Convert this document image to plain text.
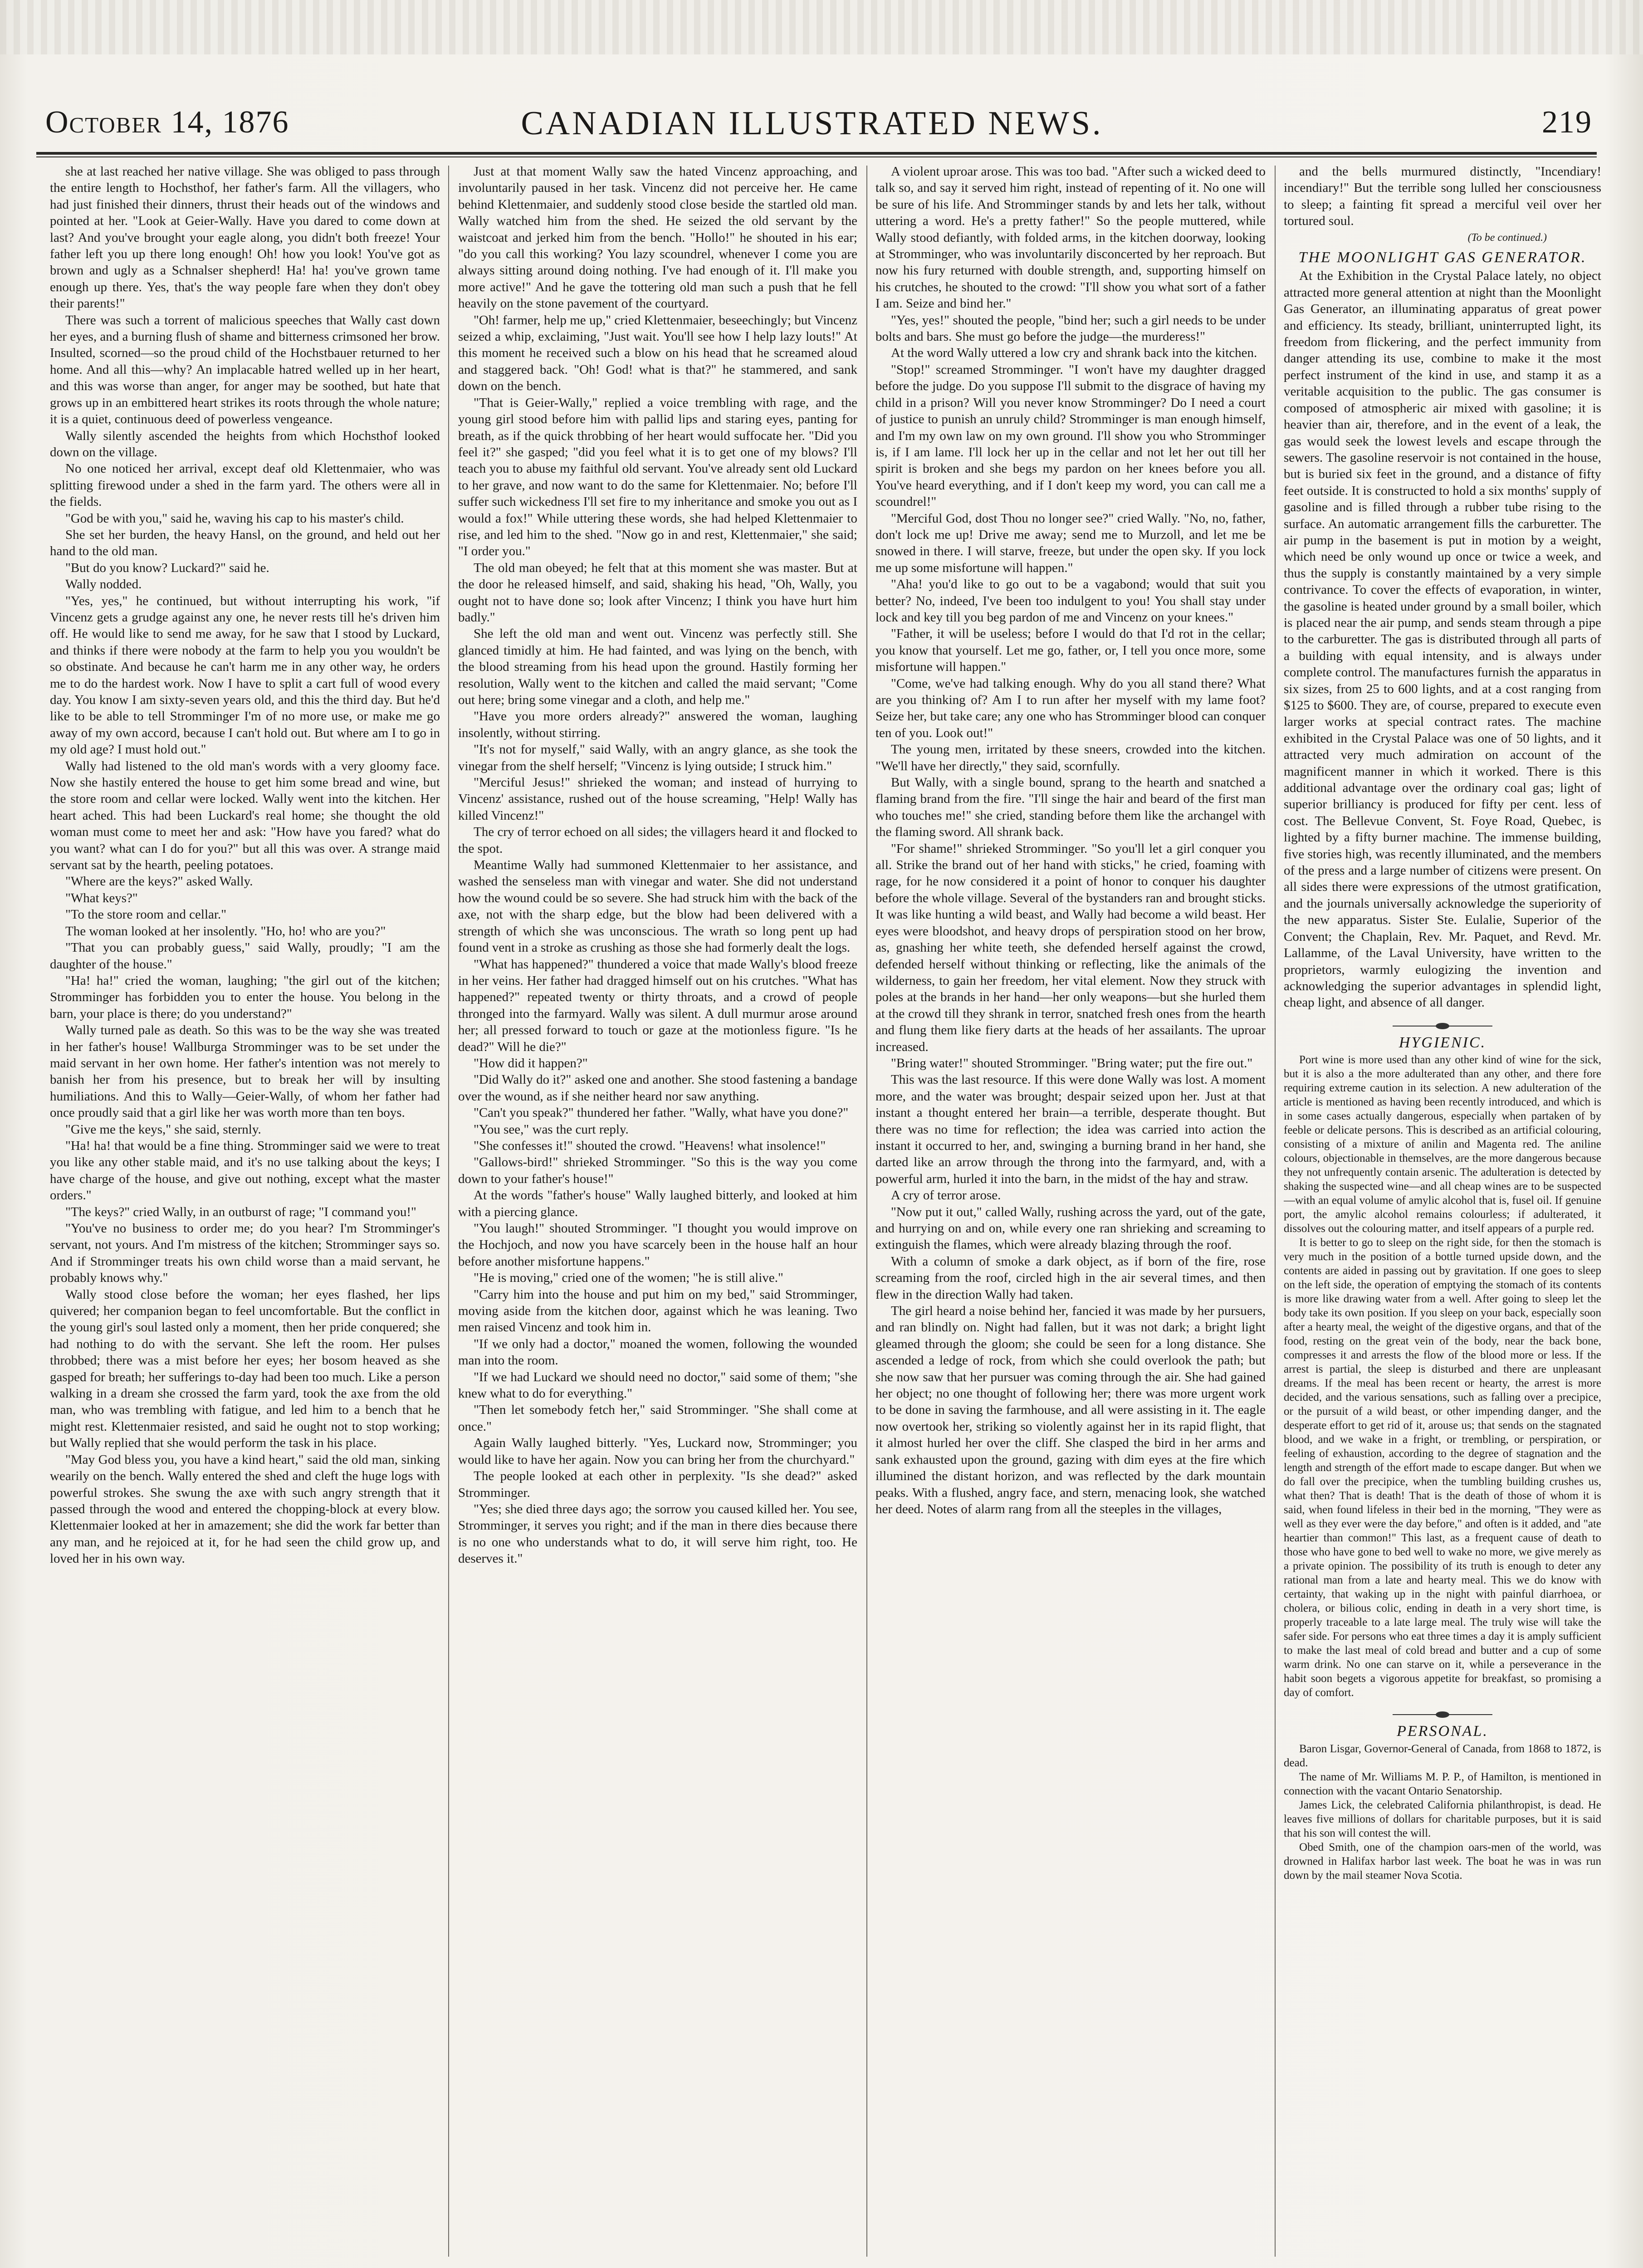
October 14, 1876	CANADIAN ILLUSTRATED NEWS.	219

she at last reached her native village. She was obliged to pass through the entire length to Hochsthof, her father's farm. All the villagers, who had just finished their dinners, thrust their heads out of the windows and pointed at her. "Look at Geier-Wally. Have you dared to come down at last? And you've brought your eagle along, you didn't both freeze! Your father left you up there long enough! Oh! how you look! You've got as brown and ugly as a Schnalser shepherd! Ha! ha! you've grown tame enough up there. Yes, that's the way people fare when they don't obey their parents!"

There was such a torrent of malicious speeches that Wally cast down her eyes, and a burning flush of shame and bitterness crimsoned her brow. Insulted, scorned—so the proud child of the Hochstbauer returned to her home. And all this—why? An implacable hatred welled up in her heart, and this was worse than anger, for anger may be soothed, but hate that grows up in an embittered heart strikes its roots through the whole nature; it is a quiet, continuous deed of powerless vengeance.

Wally silently ascended the heights from which Hochsthof looked down on the village.

No one noticed her arrival, except deaf old Klettenmaier, who was splitting firewood under a shed in the farm yard. The others were all in the fields.

"God be with you," said he, waving his cap to his master's child.

She set her burden, the heavy Hansl, on the ground, and held out her hand to the old man.

"But do you know? Luckard?" said he.

Wally nodded.

"Yes, yes," he continued, but without interrupting his work, "if Vincenz gets a grudge against any one, he never rests till he's driven him off. He would like to send me away, for he saw that I stood by Luckard, and thinks if there were nobody at the farm to help you you wouldn't be so obstinate. And because he can't harm me in any other way, he orders me to do the hardest work. Now I have to split a cart full of wood every day. You know I am sixty-seven years old, and this the third day. But he'd like to be able to tell Stromminger I'm of no more use, or make me go away of my own accord, because I can't hold out. But where am I to go in my old age? I must hold out."

Wally had listened to the old man's words with a very gloomy face. Now she hastily entered the house to get him some bread and wine, but the store room and cellar were locked. Wally went into the kitchen. Her heart ached. This had been Luckard's real home; she thought the old woman must come to meet her and ask: "How have you fared? what do you want? what can I do for you?" but all this was over. A strange maid servant sat by the hearth, peeling potatoes.

"Where are the keys?" asked Wally.

"What keys?"

"To the store room and cellar."

The woman looked at her insolently. "Ho, ho! who are you?"

"That you can probably guess," said Wally, proudly; "I am the daughter of the house."

"Ha! ha!" cried the woman, laughing; "the girl out of the kitchen; Stromminger has forbidden you to enter the house. You belong in the barn, your place is there; do you understand?"

Wally turned pale as death. So this was to be the way she was treated in her father's house! Wallburga Stromminger was to be set under the maid servant in her own home. Her father's intention was not merely to banish her from his presence, but to break her will by insulting humiliations. And this to Wally—Geier-Wally, of whom her father had once proudly said that a girl like her was worth more than ten boys.

"Give me the keys," she said, sternly.

"Ha! ha! that would be a fine thing. Stromminger said we were to treat you like any other stable maid, and it's no use talking about the keys; I have charge of the house, and give out nothing, except what the master orders."

"The keys?" cried Wally, in an outburst of rage; "I command you!"

"You've no business to order me; do you hear? I'm Stromminger's servant, not yours. And I'm mistress of the kitchen; Stromminger says so. And if Stromminger treats his own child worse than a maid servant, he probably knows why."

Wally stood close before the woman; her eyes flashed, her lips quivered; her companion began to feel uncomfortable. But the conflict in the young girl's soul lasted only a moment, then her pride conquered; she had nothing to do with the servant. She left the room. Her pulses throbbed; there was a mist before her eyes; her bosom heaved as she gasped for breath; her sufferings to-day had been too much. Like a person walking in a dream she crossed the farm yard, took the axe from the old man, who was trembling with fatigue, and led him to a bench that he might rest. Klettenmaier resisted, and said he ought not to stop working; but Wally replied that she would perform the task in his place.

"May God bless you, you have a kind heart," said the old man, sinking wearily on the bench. Wally entered the shed and cleft the huge logs with powerful strokes. She swung the axe with such angry strength that it passed through the wood and entered the chopping-block at every blow. Klettenmaier looked at her in amazement; she did the work far better than any man, and he rejoiced at it, for he had seen the child grow up, and loved her in his own way.

Just at that moment Wally saw the hated Vincenz approaching, and involuntarily paused in her task. Vincenz did not perceive her. He came behind Klettenmaier, and suddenly stood close beside the startled old man. Wally watched him from the shed. He seized the old servant by the waistcoat and jerked him from the bench. "Hollo!" he shouted in his ear; "do you call this working? You lazy scoundrel, whenever I come you are always sitting around doing nothing. I've had enough of it. I'll make you more active!" And he gave the tottering old man such a push that he fell heavily on the stone pavement of the courtyard.

"Oh! farmer, help me up," cried Klettenmaier, beseechingly; but Vincenz seized a whip, exclaiming, "Just wait. You'll see how I help lazy louts!" At this moment he received such a blow on his head that he screamed aloud and staggered back. "Oh! God! what is that?" he stammered, and sank down on the bench.

"That is Geier-Wally," replied a voice trembling with rage, and the young girl stood before him with pallid lips and staring eyes, panting for breath, as if the quick throbbing of her heart would suffocate her. "Did you feel it?" she gasped; "did you feel what it is to get one of my blows? I'll teach you to abuse my faithful old servant. You've already sent old Luckard to her grave, and now want to do the same for Klettenmaier. No; before I'll suffer such wickedness I'll set fire to my inheritance and smoke you out as I would a fox!" While uttering these words, she had helped Klettenmaier to rise, and led him to the shed. "Now go in and rest, Klettenmaier," she said; "I order you."

The old man obeyed; he felt that at this moment she was master. But at the door he released himself, and said, shaking his head, "Oh, Wally, you ought not to have done so; look after Vincenz; I think you have hurt him badly."

She left the old man and went out. Vincenz was perfectly still. She glanced timidly at him. He had fainted, and was lying on the bench, with the blood streaming from his head upon the ground. Hastily forming her resolution, Wally went to the kitchen and called the maid servant; "Come out here; bring some vinegar and a cloth, and help me."

"Have you more orders already?" answered the woman, laughing insolently, without stirring.

"It's not for myself," said Wally, with an angry glance, as she took the vinegar from the shelf herself; "Vincenz is lying outside; I struck him."

"Merciful Jesus!" shrieked the woman; and instead of hurrying to Vincenz' assistance, rushed out of the house screaming, "Help! Wally has killed Vincenz!"

The cry of terror echoed on all sides; the villagers heard it and flocked to the spot.

Meantime Wally had summoned Klettenmaier to her assistance, and washed the senseless man with vinegar and water. She did not understand how the wound could be so severe. She had struck him with the back of the axe, not with the sharp edge, but the blow had been delivered with a strength of which she was unconscious. The wrath so long pent up had found vent in a stroke as crushing as those she had formerly dealt the logs.

"What has happened?" thundered a voice that made Wally's blood freeze in her veins. Her father had dragged himself out on his crutches. "What has happened?" repeated twenty or thirty throats, and a crowd of people thronged into the farmyard. Wally was silent. A dull murmur arose around her; all pressed forward to touch or gaze at the motionless figure. "Is he dead?" Will he die?"

"How did it happen?"

"Did Wally do it?" asked one and another. She stood fastening a bandage over the wound, as if she neither heard nor saw anything.

"Can't you speak?" thundered her father. "Wally, what have you done?"

"You see," was the curt reply.

"She confesses it!" shouted the crowd. "Heavens! what insolence!"

"Gallows-bird!" shrieked Stromminger. "So this is the way you come down to your father's house!"

At the words "father's house" Wally laughed bitterly, and looked at him with a piercing glance.

"You laugh!" shouted Stromminger. "I thought you would improve on the Hochjoch, and now you have scarcely been in the house half an hour before another misfortune happens."

"He is moving," cried one of the women; "he is still alive."

"Carry him into the house and put him on my bed," said Stromminger, moving aside from the kitchen door, against which he was leaning. Two men raised Vincenz and took him in.

"If we only had a doctor," moaned the women, following the wounded man into the room.

"If we had Luckard we should need no doctor," said some of them; "she knew what to do for everything."

"Then let somebody fetch her," said Stromminger. "She shall come at once."

Again Wally laughed bitterly. "Yes, Luckard now, Stromminger; you would like to have her again. Now you can bring her from the churchyard."

The people looked at each other in perplexity. "Is she dead?" asked Stromminger.

"Yes; she died three days ago; the sorrow you caused killed her. You see, Stromminger, it serves you right; and if the man in there dies because there is no one who understands what to do, it will serve him right, too. He deserves it."

A violent uproar arose. This was too bad. "After such a wicked deed to talk so, and say it served him right, instead of repenting of it. No one will be sure of his life. And Stromminger stands by and lets her talk, without uttering a word. He's a pretty father!" So the people muttered, while Wally stood defiantly, with folded arms, in the kitchen doorway, looking at Stromminger, who was involuntarily disconcerted by her reproach. But now his fury returned with double strength, and, supporting himself on his crutches, he shouted to the crowd: "I'll show you what sort of a father I am. Seize and bind her."

"Yes, yes!" shouted the people, "bind her; such a girl needs to be under bolts and bars. She must go before the judge—the murderess!"

At the word Wally uttered a low cry and shrank back into the kitchen.

"Stop!" screamed Stromminger. "I won't have my daughter dragged before the judge. Do you suppose I'll submit to the disgrace of having my child in a prison? Will you never know Stromminger? Do I need a court of justice to punish an unruly child? Stromminger is man enough himself, and I'm my own law on my own ground. I'll show you who Stromminger is, if I am lame. I'll lock her up in the cellar and not let her out till her spirit is broken and she begs my pardon on her knees before you all. You've heard everything, and if I don't keep my word, you can call me a scoundrel!"

"Merciful God, dost Thou no longer see?" cried Wally. "No, no, father, don't lock me up! Drive me away; send me to Murzoll, and let me be snowed in there. I will starve, freeze, but under the open sky. If you lock me up some misfortune will happen."

"Aha! you'd like to go out to be a vagabond; would that suit you better? No, indeed, I've been too indulgent to you! You shall stay under lock and key till you beg pardon of me and Vincenz on your knees."

"Father, it will be useless; before I would do that I'd rot in the cellar; you know that yourself. Let me go, father, or, I tell you once more, some misfortune will happen."

"Come, we've had talking enough. Why do you all stand there? What are you thinking of? Am I to run after her myself with my lame foot? Seize her, but take care; any one who has Stromminger blood can conquer ten of you. Look out!"

The young men, irritated by these sneers, crowded into the kitchen. "We'll have her directly," they said, scornfully.

But Wally, with a single bound, sprang to the hearth and snatched a flaming brand from the fire. "I'll singe the hair and beard of the first man who touches me!" she cried, standing before them like the archangel with the flaming sword. All shrank back.

"For shame!" shrieked Stromminger. "So you'll let a girl conquer you all. Strike the brand out of her hand with sticks," he cried, foaming with rage, for he now considered it a point of honor to conquer his daughter before the whole village. Several of the bystanders ran and brought sticks. It was like hunting a wild beast, and Wally had become a wild beast. Her eyes were bloodshot, and heavy drops of perspiration stood on her brow, as, gnashing her white teeth, she defended herself against the crowd, defended herself without thinking or reflecting, like the animals of the wilderness, to gain her freedom, her vital element. Now they struck with poles at the brands in her hand—her only weapons—but she hurled them at the crowd till they shrank in terror, snatched fresh ones from the hearth and flung them like fiery darts at the heads of her assailants. The uproar increased.

"Bring water!" shouted Stromminger. "Bring water; put the fire out."

This was the last resource. If this were done Wally was lost. A moment more, and the water was brought; despair seized upon her. Just at that instant a thought entered her brain—a terrible, desperate thought. But there was no time for reflection; the idea was carried into action the instant it occurred to her, and, swinging a burning brand in her hand, she darted like an arrow through the throng into the farmyard, and, with a powerful arm, hurled it into the barn, in the midst of the hay and straw.

A cry of terror arose.

"Now put it out," called Wally, rushing across the yard, out of the gate, and hurrying on and on, while every one ran shrieking and screaming to extinguish the flames, which were already blazing through the roof.

With a column of smoke a dark object, as if born of the fire, rose screaming from the roof, circled high in the air several times, and then flew in the direction Wally had taken.

The girl heard a noise behind her, fancied it was made by her pursuers, and ran blindly on. Night had fallen, but it was not dark; a bright light gleamed through the gloom; she could be seen for a long distance. She ascended a ledge of rock, from which she could overlook the path; but she now saw that her pursuer was coming through the air. She had gained her object; no one thought of following her; there was more urgent work to be done in saving the farmhouse, and all were assisting in it. The eagle now overtook her, striking so violently against her in its rapid flight, that it almost hurled her over the cliff. She clasped the bird in her arms and sank exhausted upon the ground, gazing with dim eyes at the fire which illumined the distant horizon, and was reflected by the dark mountain peaks. With a flushed, angry face, and stern, menacing look, she watched her deed. Notes of alarm rang from all the steeples in the villages,

and the bells murmured distinctly, "Incendiary! incendiary!" But the terrible song lulled her consciousness to sleep; a fainting fit spread a merciful veil over her tortured soul.

(To be continued.)

THE MOONLIGHT GAS GENERATOR.

At the Exhibition in the Crystal Palace lately, no object attracted more general attention at night than the Moonlight Gas Generator, an illuminating apparatus of great power and efficiency. Its steady, brilliant, uninterrupted light, its freedom from flickering, and the perfect immunity from danger attending its use, combine to make it the most perfect instrument of the kind in use, and stamp it as a veritable acquisition to the public. The gas consumer is composed of atmospheric air mixed with gasoline; it is heavier than air, therefore, and in the event of a leak, the gas would seek the lowest levels and escape through the sewers. The gasoline reservoir is not contained in the house, but is buried six feet in the ground, and a distance of fifty feet outside. It is constructed to hold a six months' supply of gasoline and is filled through a rubber tube rising to the surface. An automatic arrangement fills the carburetter. The air pump in the basement is put in motion by a weight, which need be only wound up once or twice a week, and thus the supply is constantly maintained by a very simple contrivance. To cover the effects of evaporation, in winter, the gasoline is heated under ground by a small boiler, which is placed near the air pump, and sends steam through a pipe to the carburetter. The gas is distributed through all parts of a building with equal intensity, and is always under complete control. The manufactures furnish the apparatus in six sizes, from 25 to 600 lights, and at a cost ranging from $125 to $600. They are, of course, prepared to execute even larger works at special contract rates. The machine exhibited in the Crystal Palace was one of 50 lights, and it attracted very much admiration on account of the magnificent manner in which it worked. There is this additional advantage over the ordinary coal gas; light of superior brilliancy is produced for fifty per cent. less of cost. The Bellevue Convent, St. Foye Road, Quebec, is lighted by a fifty burner machine. The immense building, five stories high, was recently illuminated, and the members of the press and a large number of citizens were present. On all sides there were expressions of the utmost gratification, and the journals universally acknowledge the superiority of the new apparatus. Sister Ste. Eulalie, Superior of the Convent; the Chaplain, Rev. Mr. Paquet, and Revd. Mr. Lallamme, of the Laval University, have written to the proprietors, warmly eulogizing the invention and acknowledging the superior advantages in splendid light, cheap light, and absence of all danger.

HYGIENIC.

Port wine is more used than any other kind of wine for the sick, but it is also a the more adulterated than any other, and there fore requiring extreme caution in its selection. A new adulteration of the article is mentioned as having been recently introduced, and which is in some cases actually dangerous, especially when partaken of by feeble or delicate persons. This is described as an artificial colouring, consisting of a mixture of anilin and Magenta red. The aniline colours, objectionable in themselves, are the more dangerous because they not unfrequently contain arsenic. The adulteration is detected by shaking the suspected wine—and all cheap wines are to be suspected—with an equal volume of amylic alcohol that is, fusel oil. If genuine port, the amylic alcohol remains colourless; if adulterated, it dissolves out the colouring matter, and itself appears of a purple red.

It is better to go to sleep on the right side, for then the stomach is very much in the position of a bottle turned upside down, and the contents are aided in passing out by gravitation. If one goes to sleep on the left side, the operation of emptying the stomach of its contents is more like drawing water from a well. After going to sleep let the body take its own position. If you sleep on your back, especially soon after a hearty meal, the weight of the digestive organs, and that of the food, resting on the great vein of the body, near the back bone, compresses it and arrests the flow of the blood more or less. If the arrest is partial, the sleep is disturbed and there are unpleasant dreams. If the meal has been recent or hearty, the arrest is more decided, and the various sensations, such as falling over a precipice, or the pursuit of a wild beast, or other impending danger, and the desperate effort to get rid of it, arouse us; that sends on the stagnated blood, and we wake in a fright, or trembling, or perspiration, or feeling of exhaustion, according to the degree of stagnation and the length and strength of the effort made to escape danger. But when we do fall over the precipice, when the tumbling building crushes us, what then? That is death! That is the death of those of whom it is said, when found lifeless in their bed in the morning, "They were as well as they ever were the day before," and often is it added, and "ate heartier than common!" This last, as a frequent cause of death to those who have gone to bed well to wake no more, we give merely as a private opinion. The possibility of its truth is enough to deter any rational man from a late and hearty meal. This we do know with certainty, that waking up in the night with painful diarrhoea, or cholera, or bilious colic, ending in death in a very short time, is properly traceable to a late large meal. The truly wise will take the safer side. For persons who eat three times a day it is amply sufficient to make the last meal of cold bread and butter and a cup of some warm drink. No one can starve on it, while a perseverance in the habit soon begets a vigorous appetite for breakfast, so promising a day of comfort.

PERSONAL.

Baron Lisgar, Governor-General of Canada, from 1868 to 1872, is dead.

The name of Mr. Williams M. P. P., of Hamilton, is mentioned in connection with the vacant Ontario Senatorship.

James Lick, the celebrated California philanthropist, is dead. He leaves five millions of dollars for charitable purposes, but it is said that his son will contest the will.

Obed Smith, one of the champion oars-men of the world, was drowned in Halifax harbor last week. The boat he was in was run down by the mail steamer Nova Scotia.
